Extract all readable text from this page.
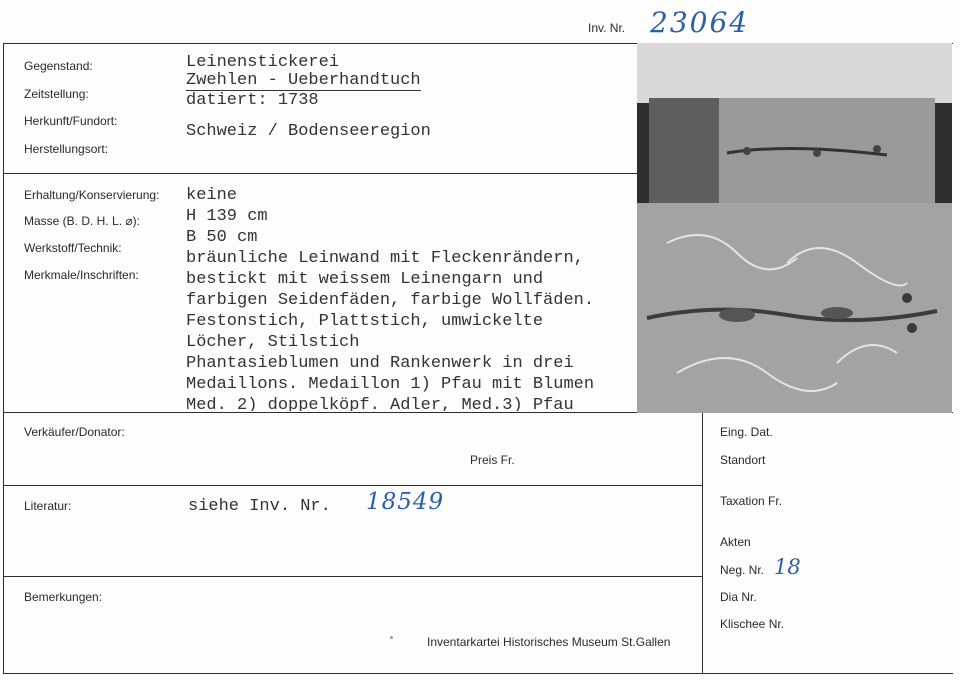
Inv. Nr. 23064
Gegenstand:
Zeitstellung:
Herkunft/Fundort:
Herstellungsort:
Leinenstickerei
Zwehlen - Ueberhandtuch
datiert: 1738
Schweiz / Bodenseeregion
Erhaltung/Konservierung:
Masse (B. D. H. L. ⌀):
Werkstoff/Technik:
Merkmale/Inschriften:
keine
H 139 cm
B 50 cm
bräunliche Leinwand mit Fleckenrändern,
bestickt mit weissem Leinengarn und
farbigen Seidenfäden, farbige Wollfäden.
Festonstich, Plattstich, umwickelte
Löcher, Stilstich
Phantasieblumen und Rankenwerk in drei
Medaillons. Medaillon 1) Pfau mit Blumen
Med. 2) doppelköpf. Adler, Med.3) Pfau
Verkäufer/Donator:
Preis Fr.
Eing. Dat.
Standort
Taxation Fr.
Akten
Neg. Nr. 18
Dia Nr.
Klischee Nr.
Literatur:	siehe Inv. Nr. 18549
Bemerkungen:
Inventarkartei Historisches Museum St.Gallen
